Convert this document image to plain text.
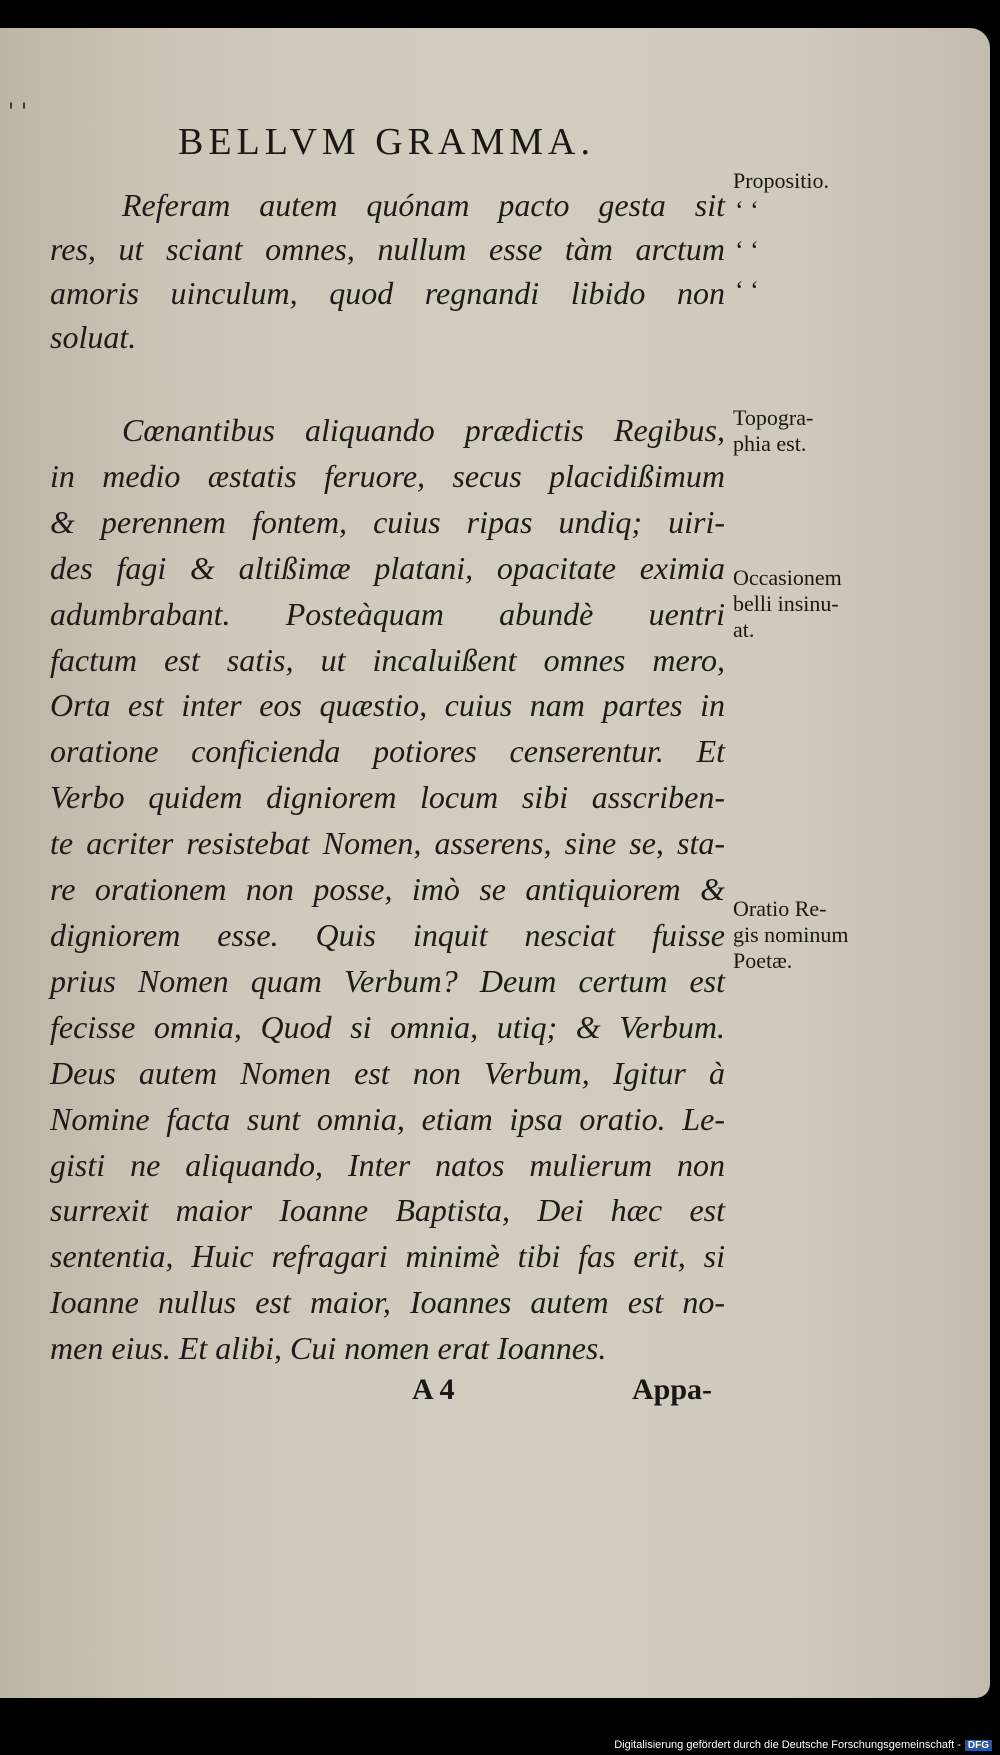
' '
BELLVM GRAMMA.
Referam autem quónam pacto gesta sit
res, ut sciant omnes, nullum esse tàm arctum
amoris uinculum, quod regnandi libido non
soluat.
Cœnantibus aliquando prædictis Regibus,
in medio æstatis feruore, secus placidißimum
& perennem fontem, cuius ripas undiq; uiri-
des fagi & altißimæ platani, opacitate eximia
adumbrabant. Posteàquam abundè uentri
factum est satis, ut incaluißent omnes mero,
Orta est inter eos quæstio, cuius nam partes in
oratione conficienda potiores censerentur. Et
Verbo quidem digniorem locum sibi asscriben-
te acriter resistebat Nomen, asserens, sine se, sta-
re orationem non posse, imò se antiquiorem &
digniorem esse. Quis inquit nesciat fuisse
prius Nomen quam Verbum? Deum certum est
fecisse omnia, Quod si omnia, utiq; & Verbum.
Deus autem Nomen est non Verbum, Igitur à
Nomine facta sunt omnia, etiam ipsa oratio. Le-
gisti ne aliquando, Inter natos mulierum non
surrexit maior Ioanne Baptista, Dei hæc est
sententia, Huic refragari minimè tibi fas erit, si
Ioanne nullus est maior, Ioannes autem est no-
men eius. Et alibi, Cui nomen erat Ioannes.
Propositio.
‘ ‘
‘ ‘
‘ ‘
Topogra-
phia est.
Occasionem
belli insinu-
at.
Oratio Re-
gis nominum
Poetæ.
A 4	Appa-
Digitalisierung gefördert durch die Deutsche Forschungsgemeinschaft - DFG
